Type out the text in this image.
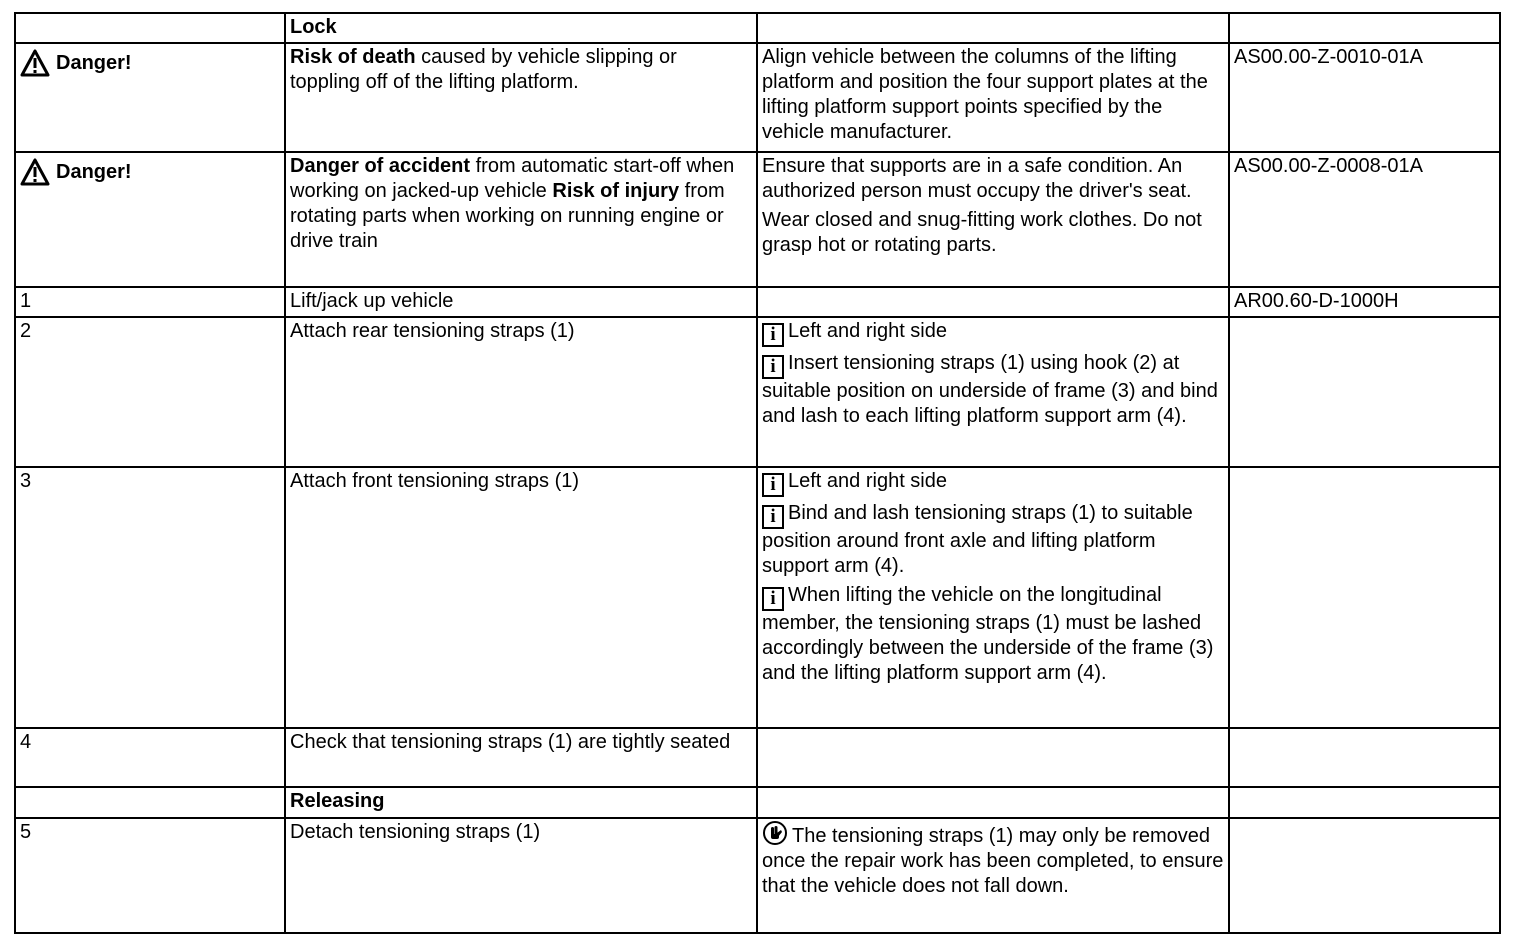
	Lock		

Danger!	Risk of death caused by vehicle slipping or toppling off of the lifting platform.	Align vehicle between the columns of the lifting platform and position the four support plates at the lifting platform support points specified by the vehicle manufacturer.	AS00.00-Z-0010-01A

Danger!	Danger of accident from automatic start-off when working on jacked-up vehicle Risk of injury from rotating parts when working on running engine or drive train	Ensure that supports are in a safe condition. An authorized person must occupy the driver's seat.
Wear closed and snug-fitting work clothes. Do not grasp hot or rotating parts.	AS00.00-Z-0008-01A
1	Lift/jack up vehicle		AR00.60-D-1000H
2	Attach rear tensioning straps (1)	i Left and right side
i Insert tensioning straps (1) using hook (2) at suitable position on underside of frame (3) and bind and lash to each lifting platform support arm (4).	

3	Attach front tensioning straps (1)	i Left and right side
i Bind and lash tensioning straps (1) to suitable position around front axle and lifting platform support arm (4).
i When lifting the vehicle on the longitudinal member, the tensioning straps (1) must be lashed accordingly between the underside of the frame (3) and the lifting platform support arm (4).	

4	Check that tensioning straps (1) are tightly seated		
	Releasing		
5	Detach tensioning straps (1)	The tensioning straps (1) may only be removed once the repair work has been completed, to ensure that the vehicle does not fall down.	
